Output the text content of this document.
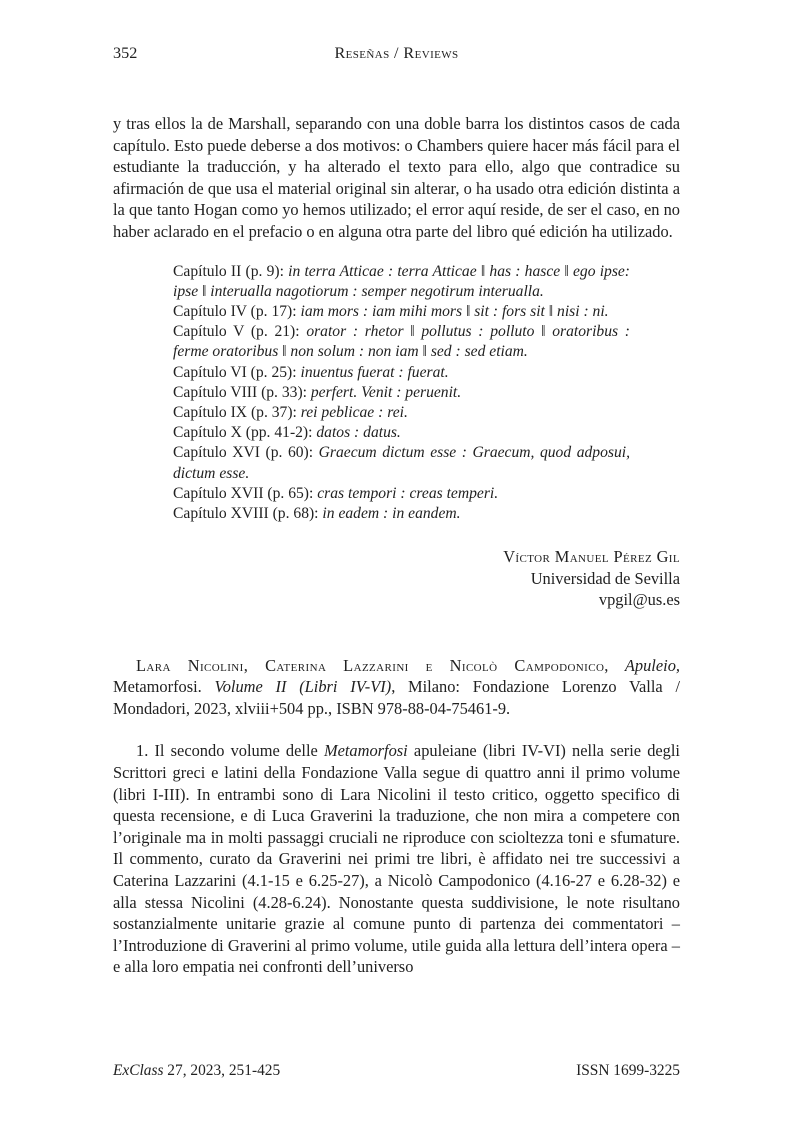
352	Reseñas / Reviews

y tras ellos la de Marshall, separando con una doble barra los distintos casos de cada capítulo. Esto puede deberse a dos motivos: o Chambers quiere hacer más fácil para el estudiante la traducción, y ha alterado el texto para ello, algo que contradice su afirmación de que usa el material original sin alterar, o ha usado otra edición distinta a la que tanto Hogan como yo hemos utilizado; el error aquí reside, de ser el caso, en no haber aclarado en el prefacio o en alguna otra parte del libro qué edición ha utilizado.

Capítulo II (p. 9): in terra Atticae : terra Atticae ‖ has : hasce ‖ ego ipse: ipse ‖ interualla nagotiorum : semper negotirum interualla.

Capítulo IV (p. 17): iam mors : iam mihi mors ‖ sit : fors sit ‖ nisi : ni.

Capítulo V (p. 21): orator : rhetor ‖ pollutus : polluto ‖ oratoribus : ferme oratoribus ‖ non solum : non iam ‖ sed : sed etiam.

Capítulo VI (p. 25): inuentus fuerat : fuerat.

Capítulo VIII (p. 33): perfert. Venit : peruenit.

Capítulo IX (p. 37): rei peblicae : rei.

Capítulo X (pp. 41-2): datos : datus.

Capítulo XVI (p. 60): Graecum dictum esse : Graecum, quod adposui, dictum esse.

Capítulo XVII (p. 65): cras tempori : creas temperi.

Capítulo XVIII (p. 68): in eadem : in eandem.

Víctor Manuel Pérez Gil
Universidad de Sevilla
vpgil@us.es

Lara Nicolini, Caterina Lazzarini e Nicolò Campodonico, Apuleio, Metamorfosi. Volume II (Libri IV-VI), Milano: Fondazione Lorenzo Valla / Mondadori, 2023, xlviii+504 pp., ISBN 978-88-04-75461-9.

1. Il secondo volume delle Metamorfosi apuleiane (libri IV-VI) nella serie degli Scrittori greci e latini della Fondazione Valla segue di quattro anni il primo volume (libri I-III). In entrambi sono di Lara Nicolini il testo critico, oggetto specifico di questa recensione, e di Luca Graverini la traduzione, che non mira a competere con l’originale ma in molti passaggi cruciali ne riproduce con scioltezza toni e sfumature. Il commento, curato da Graverini nei primi tre libri, è affidato nei tre successivi a Caterina Lazzarini (4.1-15 e 6.25-27), a Nicolò Campodonico (4.16-27 e 6.28-32) e alla stessa Nicolini (4.28-6.24). Nonostante questa suddivisione, le note risultano sostanzialmente unitarie grazie al comune punto di partenza dei commentatori – l’Introduzione di Graverini al primo volume, utile guida alla lettura dell’intera opera – e alla loro empatia nei confronti dell’universo

ExClass 27, 2023, 251-425	ISSN 1699-3225
